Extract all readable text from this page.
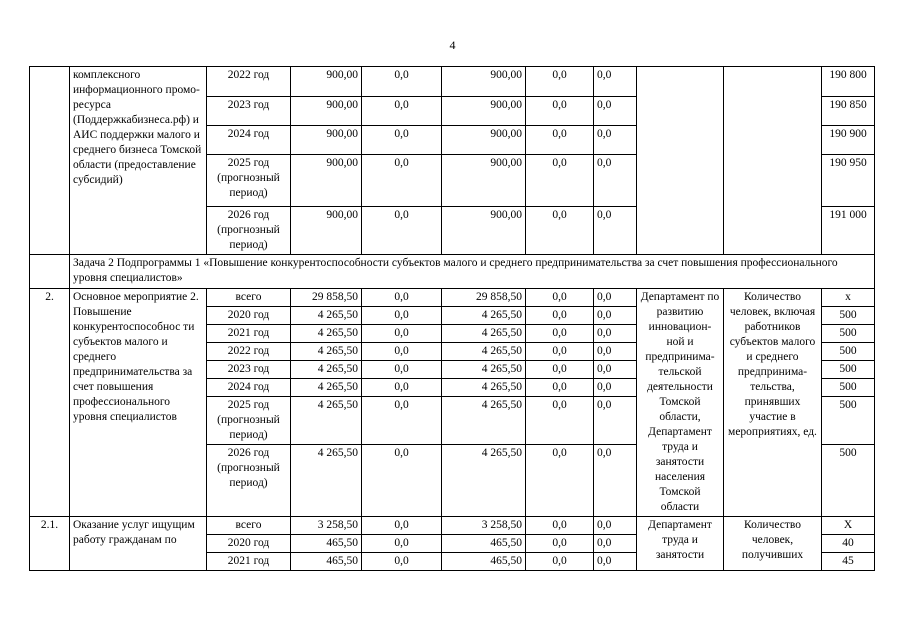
4
	комплексного информационного промо-ресурса (Поддержкабизнеса.рф) и АИС поддержки малого и среднего бизнеса Томской области (предоставление субсидий)	2022 год	900,00	0,0	900,00	0,0	0,0			190 800
		2023 год	900,00	0,0	900,00	0,0	0,0			190 850
		2024 год	900,00	0,0	900,00	0,0	0,0			190 900
		2025 год (прогнозный период)	900,00	0,0	900,00	0,0	0,0			190 950
		2026 год (прогнозный период)	900,00	0,0	900,00	0,0	0,0			191 000
	Задача 2 Подпрограммы 1 «Повышение конкурентоспособности субъектов малого и среднего предпринимательства за счет повышения профессионального уровня специалистов»									
2.	Основное мероприятие 2. Повышение конкурентоспособнос ти субъектов малого и среднего предпринимательства за счет повышения профессионального уровня специалистов	всего	29 858,50	0,0	29 858,50	0,0	0,0	Департамент по развитию инновацион-ной и предпринима-тельской деятельности Томской области, Департамент труда и занятости населения Томской области	Количество человек, включая работников субъектов малого и среднего предпринима-тельства, принявших участие в мероприятиях, ед.	x
		2020 год	4 265,50	0,0	4 265,50	0,0	0,0			500
		2021 год	4 265,50	0,0	4 265,50	0,0	0,0			500
		2022 год	4 265,50	0,0	4 265,50	0,0	0,0			500
		2023 год	4 265,50	0,0	4 265,50	0,0	0,0			500
		2024 год	4 265,50	0,0	4 265,50	0,0	0,0			500
		2025 год (прогнозный период)	4 265,50	0,0	4 265,50	0,0	0,0			500
		2026 год (прогнозный период)	4 265,50	0,0	4 265,50	0,0	0,0			500
2.1.	Оказание услуг ищущим работу гражданам по	всего	3 258,50	0,0	3 258,50	0,0	0,0	Департамент труда и занятости	Количество человек, получивших	X
		2020 год	465,50	0,0	465,50	0,0	0,0			40
		2021 год	465,50	0,0	465,50	0,0	0,0			45
